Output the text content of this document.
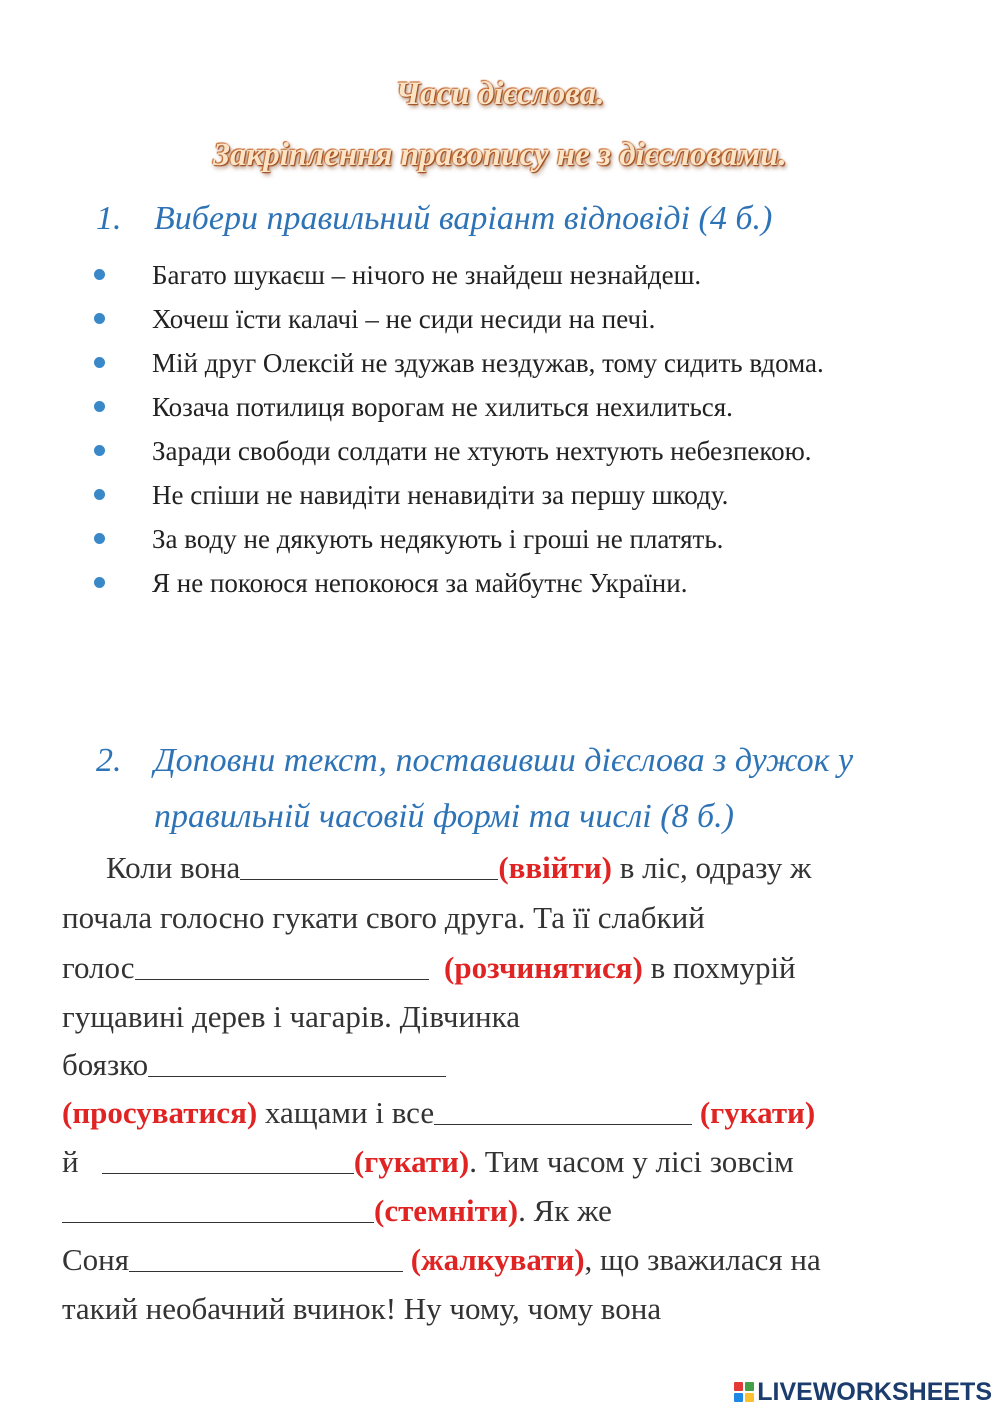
Часи дієслова.
Закріплення правопису не з дієсловами.
1. Вибери правильний варіант відповіді (4 б.)
Багато шукаєш – нічого не знайдеш незнайдеш.
Хочеш їсти калачі – не сиди несиди на печі.
Мій друг Олексій не здужав нездужав, тому сидить вдома.
Козача потилиця ворогам не хилиться нехилиться.
Заради свободи солдати не хтують нехтують небезпекою.
Не спіши не навидіти ненавидіти за першу шкоду.
За воду не дякують недякують і гроші не платять.
Я не покоюся непокоюся за майбутнє України.
2. Доповни текст, поставивши дієслова з дужок у
правильній часовій формі та числі (8 б.)
Коли вона	(ввійти) в ліс, одразу ж
почала голосно гукати свого друга. Та її слабкий
голос	(розчинятися) в похмурій
гущавині дерев і чагарів. Дівчинка
боязко
(просуватися) хащами і все	(гукати)
й	(гукати). Тим часом у лісі зовсім
(стемніти). Як же
Соня	(жалкувати), що зважилася на
такий необачний вчинок! Ну чому, чому вона
LIVEWORKSHEETS
